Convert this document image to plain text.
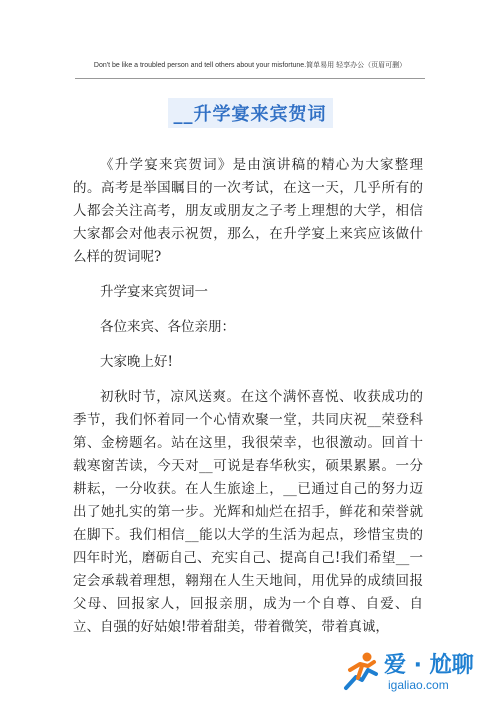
Don't be like a troubled person and tell others about your misfortune.简单易用 轻享办公（页眉可删）
__升学宴来宾贺词

《升学宴来宾贺词》是由演讲稿的精心为大家整理的。高考是举国瞩目的一次考试，在这一天，几乎所有的人都会关注高考，朋友或朋友之子考上理想的大学，相信大家都会对他表示祝贺，那么，在升学宴上来宾应该做什么样的贺词呢?

升学宴来宾贺词一

各位来宾、各位亲朋：

大家晚上好!

初秋时节，凉风送爽。在这个满怀喜悦、收获成功的季节，我们怀着同一个心情欢聚一堂，共同庆祝__荣登科第、金榜题名。站在这里，我很荣幸，也很激动。回首十载寒窗苦读，今天对__可说是春华秋实，硕果累累。一分耕耘，一分收获。在人生旅途上，__已通过自己的努力迈出了她扎实的第一步。光辉和灿烂在招手，鲜花和荣誉就在脚下。我们相信__能以大学的生活为起点，珍惜宝贵的四年时光，磨砺自己、充实自己、提高自己!我们希望__一定会承载着理想，翱翔在人生天地间，用优异的成绩回报父母、回报家人，回报亲朋，成为一个自尊、自爱、自立、自强的好姑娘!带着甜美，带着微笑，带着真诚，

爱 · 尬聊
igaliao.com
